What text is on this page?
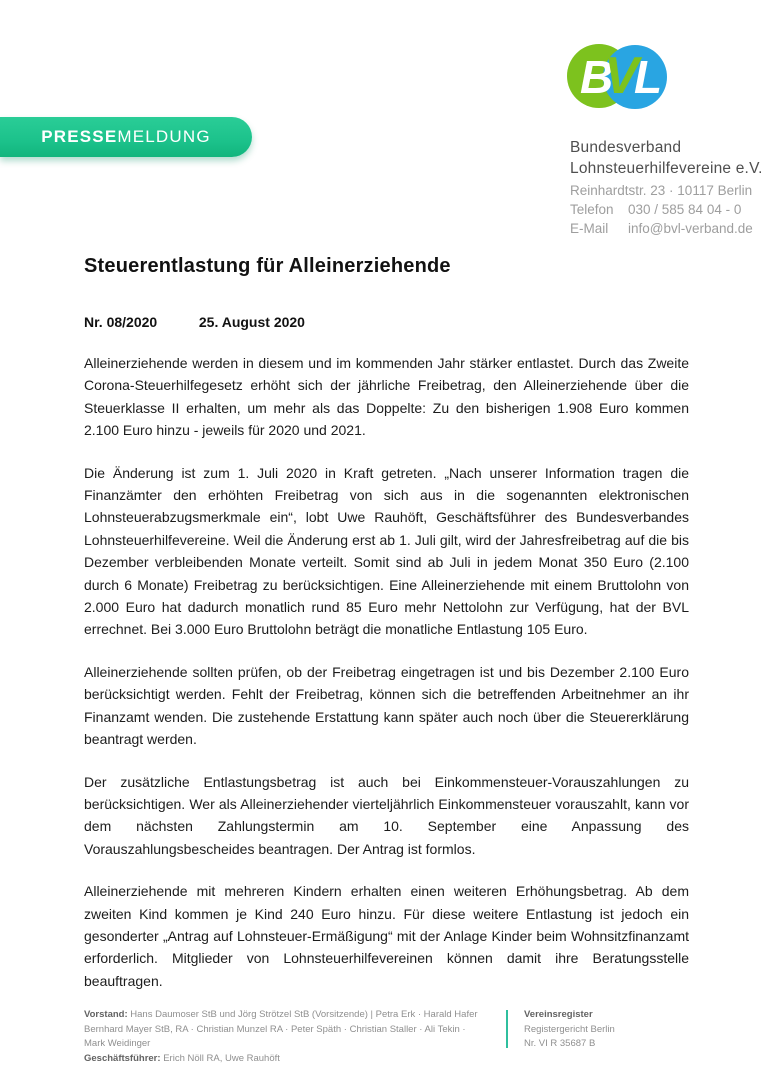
B
V
L
Bundesverband
Lohnsteuerhilfevereine e.V.
Reinhardtstr. 23 · 10117 Berlin
Telefon	030 / 585 84 04 - 0
E-Mail	info@bvl-verband.de
PRESSE MELDUNG
Steuerentlastung für Alleinerziehende
Nr. 08/2020	25. August 2020

Alleinerziehende werden in diesem und im kommenden Jahr stärker entlastet. Durch das Zweite Corona-Steuerhilfegesetz erhöht sich der jährliche Freibetrag, den Alleinerziehende über die Steuerklasse II erhalten, um mehr als das Doppelte: Zu den bisherigen 1.908 Euro kommen 2.100 Euro hinzu - jeweils für 2020 und 2021.

Die Änderung ist zum 1. Juli 2020 in Kraft getreten. „Nach unserer Information tragen die Finanzämter den erhöhten Freibetrag von sich aus in die sogenannten elektronischen Lohnsteuerabzugsmerkmale ein“, lobt Uwe Rauhöft, Geschäftsführer des Bundesverbandes Lohnsteuerhilfevereine. Weil die Änderung erst ab 1. Juli gilt, wird der Jahresfreibetrag auf die bis Dezember verbleibenden Monate verteilt. Somit sind ab Juli in jedem Monat 350 Euro (2.100 durch 6 Monate) Freibetrag zu berücksichtigen. Eine Alleinerziehende mit einem Bruttolohn von 2.000 Euro hat dadurch monatlich rund 85 Euro mehr Nettolohn zur Verfügung, hat der BVL errechnet. Bei 3.000 Euro Bruttolohn beträgt die monatliche Entlastung 105 Euro.

Alleinerziehende sollten prüfen, ob der Freibetrag eingetragen ist und bis Dezember 2.100 Euro berücksichtigt werden. Fehlt der Freibetrag, können sich die betreffenden Arbeitnehmer an ihr Finanzamt wenden. Die zustehende Erstattung kann später auch noch über die Steuererklärung beantragt werden.

Der zusätzliche Entlastungsbetrag ist auch bei Einkommensteuer-Vorauszahlungen zu berücksichtigen. Wer als Alleinerziehender vierteljährlich Einkommensteuer vorauszahlt, kann vor dem nächsten Zahlungstermin am 10. September eine Anpassung des Vorauszahlungsbescheides beantragen. Der Antrag ist formlos.

Alleinerziehende mit mehreren Kindern erhalten einen weiteren Erhöhungsbetrag. Ab dem zweiten Kind kommen je Kind 240 Euro hinzu. Für diese weitere Entlastung ist jedoch ein gesonderter „Antrag auf Lohnsteuer-Ermäßigung“ mit der Anlage Kinder beim Wohnsitzfinanzamt erforderlich. Mitglieder von Lohnsteuerhilfevereinen können damit ihre Beratungsstelle beauftragen.

Vorstand: Hans Daumoser StB und Jörg Strötzel StB (Vorsitzende) | Petra Erk · Harald Hafer
Bernhard Mayer StB, RA · Christian Munzel RA · Peter Späth · Christian Staller · Ali Tekin · Mark Weidinger
Geschäftsführer: Erich Nöll RA, Uwe Rauhöft
Vereinsregister
Registergericht Berlin
Nr. VI R 35687 B
